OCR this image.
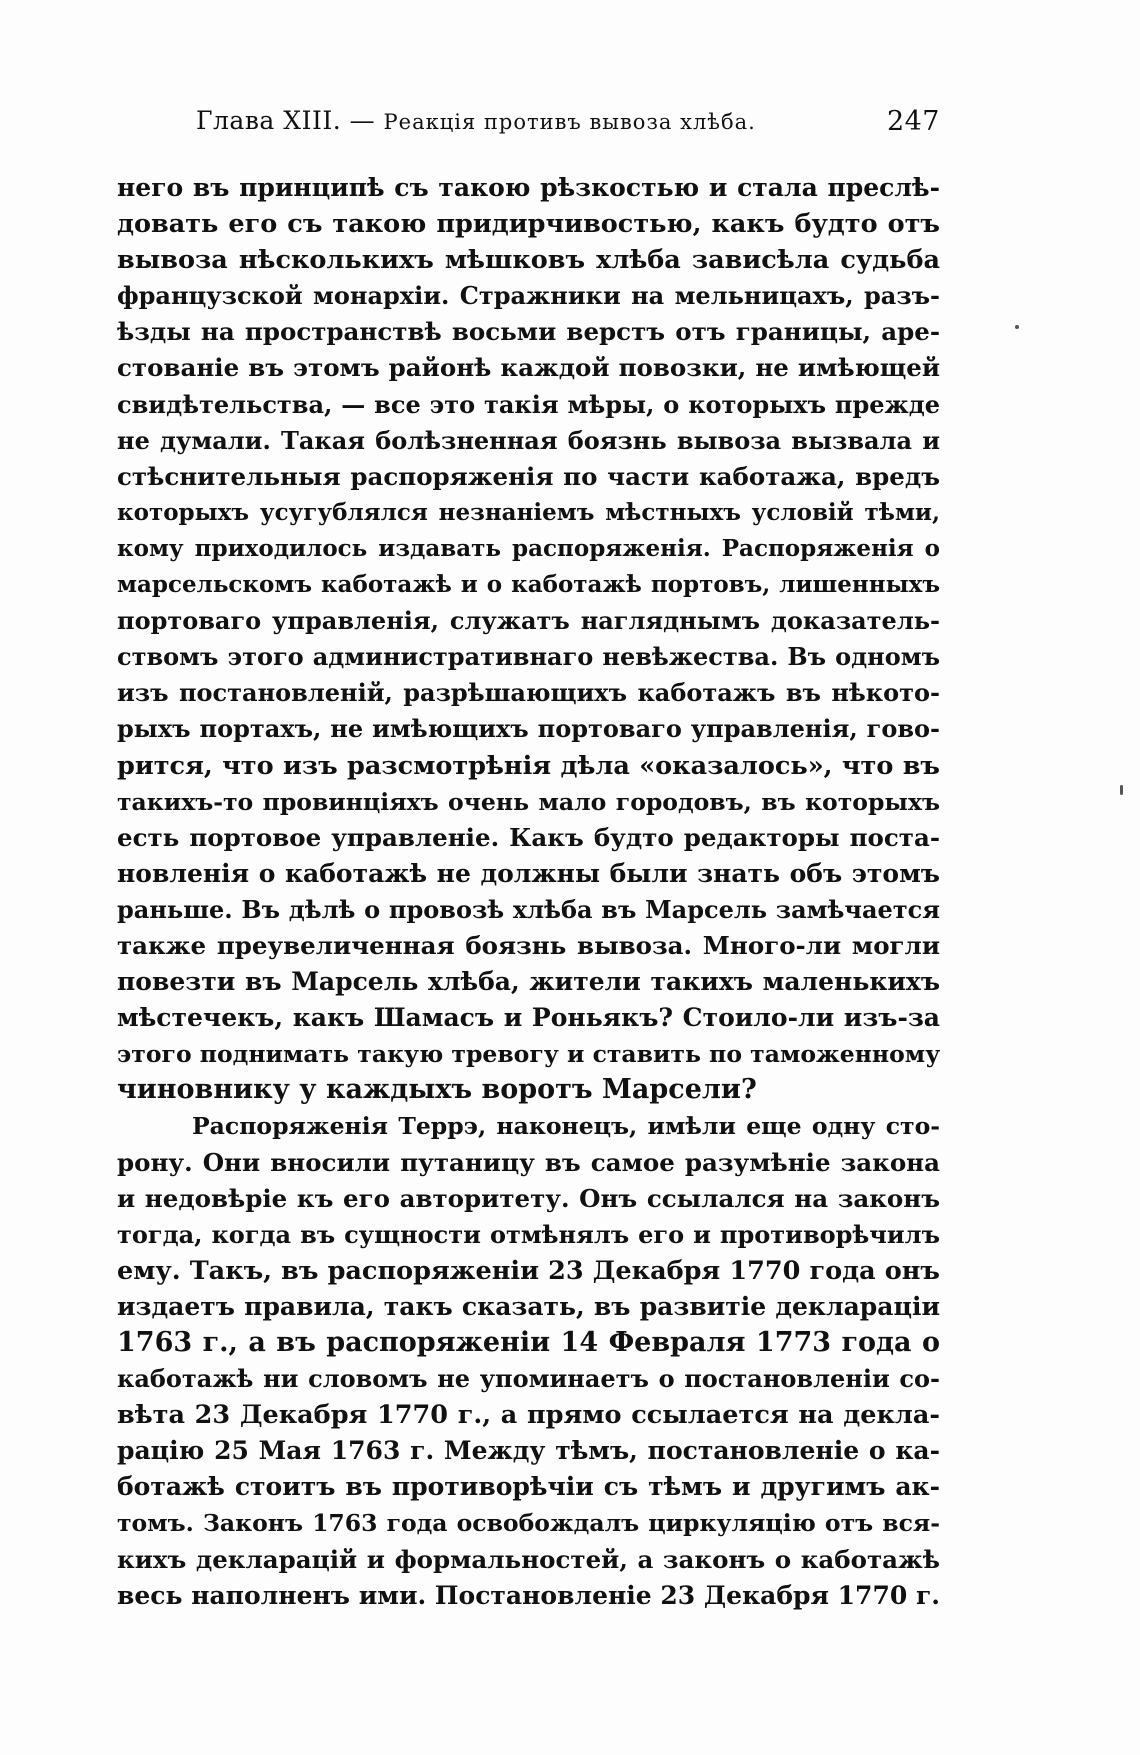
Глава XIII. — Реакція противъ вывоза хлѣба.	247
него въ принципѣ съ такою рѣзкостью и стала преслѣ-
довать его съ такою придирчивостью, какъ будто отъ
вывоза нѣсколькихъ мѣшковъ хлѣба зависѣла судьба
французской монархіи. Стражники на мельницахъ, разъ-
ѣзды на пространствѣ восьми верстъ отъ границы, аре-
стованіе въ этомъ районѣ каждой повозки, не имѣющей
свидѣтельства, — все это такія мѣры, о которыхъ прежде
не думали. Такая болѣзненная боязнь вывоза вызвала и
стѣснительныя распоряженія по части каботажа, вредъ
которыхъ усугублялся незнаніемъ мѣстныхъ условій тѣми,
кому приходилось издавать распоряженія. Распоряженія о
марсельскомъ каботажѣ и о каботажѣ портовъ, лишенныхъ
портоваго управленія, служатъ нагляднымъ доказатель-
ствомъ этого административнаго невѣжества. Въ одномъ
изъ постановленій, разрѣшающихъ каботажъ въ нѣкото-
рыхъ портахъ, не имѣющихъ портоваго управленія, гово-
рится, что изъ разсмотрѣнія дѣла «оказалось», что въ
такихъ-то провинціяхъ очень мало городовъ, въ которыхъ
есть портовое управленіе. Какъ будто редакторы поста-
новленія о каботажѣ не должны были знать объ этомъ
раньше. Въ дѣлѣ о провозѣ хлѣба въ Марсель замѣчается
также преувеличенная боязнь вывоза. Много-ли могли
повезти въ Марсель хлѣба, жители такихъ маленькихъ
мѣстечекъ, какъ Шамасъ и Роньякъ? Стоило-ли изъ-за
этого поднимать такую тревогу и ставить по таможенному
чиновнику у каждыхъ воротъ Марсели?
Распоряженія Террэ, наконецъ, имѣли еще одну сто-
рону. Они вносили путаницу въ самое разумѣніе закона
и недовѣріе къ его авторитету. Онъ ссылался на законъ
тогда, когда въ сущности отмѣнялъ его и противорѣчилъ
ему. Такъ, въ распоряженіи 23 Декабря 1770 года онъ
издаетъ правила, такъ сказать, въ развитіе деклараціи
1763 г., а въ распоряженіи 14 Февраля 1773 года о
каботажѣ ни словомъ не упоминаетъ о постановленіи со-
вѣта 23 Декабря 1770 г., а прямо ссылается на декла-
рацію 25 Мая 1763 г. Между тѣмъ, постановленіе о ка-
ботажѣ стоитъ въ противорѣчіи съ тѣмъ и другимъ ак-
томъ. Законъ 1763 года освобождалъ циркуляцію отъ вся-
кихъ декларацій и формальностей, а законъ о каботажѣ
весь наполненъ ими. Постановленіе 23 Декабря 1770 г.
